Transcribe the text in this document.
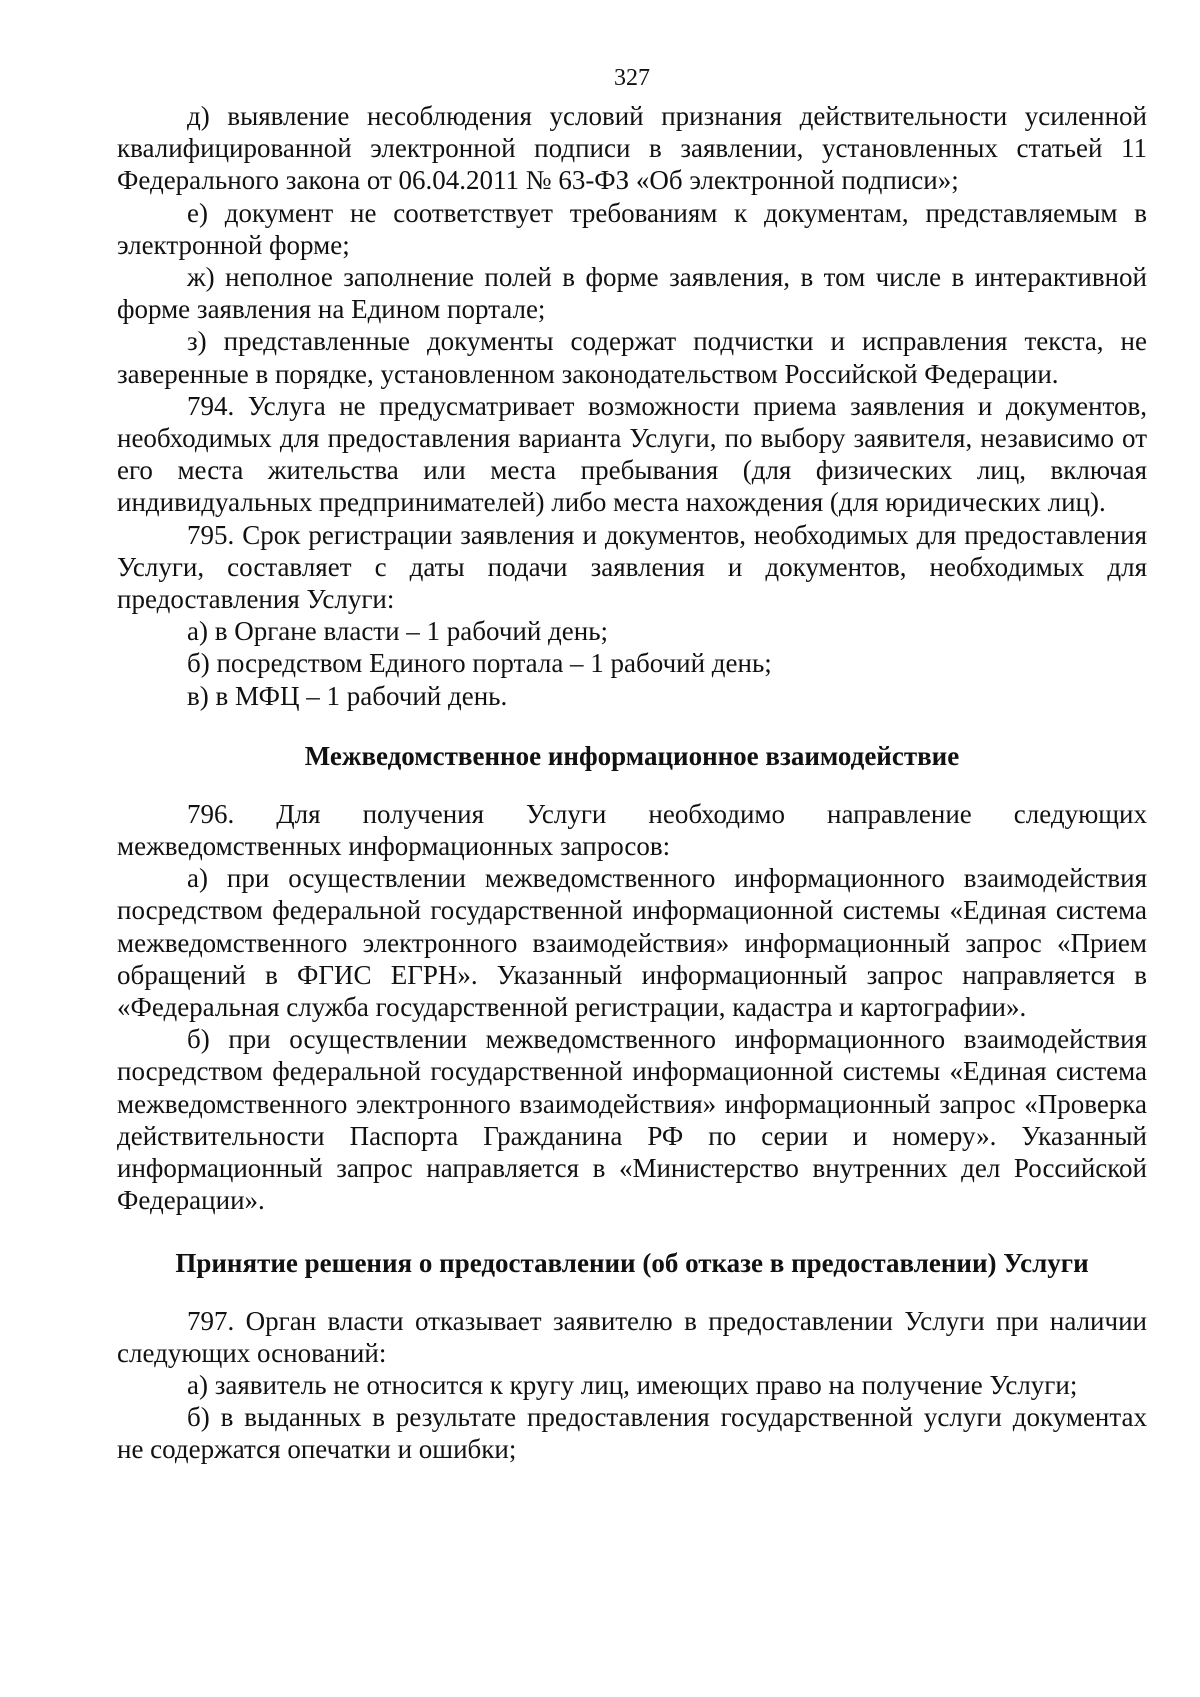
327

д) выявление несоблюдения условий признания действительности усиленной квалифицированной электронной подписи в заявлении, установленных статьей 11 Федерального закона от 06.04.2011 № 63-ФЗ «Об электронной подписи»;

е) документ не соответствует требованиям к документам, представляемым в электронной форме;

ж) неполное заполнение полей в форме заявления, в том числе в интерактивной форме заявления на Едином портале;

з) представленные документы содержат подчистки и исправления текста, не заверенные в порядке, установленном законодательством Российской Федерации.

794. Услуга не предусматривает возможности приема заявления и документов, необходимых для предоставления варианта Услуги, по выбору заявителя, независимо от его места жительства или места пребывания (для физических лиц, включая индивидуальных предпринимателей) либо места нахождения (для юридических лиц).

795. Срок регистрации заявления и документов, необходимых для предоставления Услуги, составляет с даты подачи заявления и документов, необходимых для предоставления Услуги:

а) в Органе власти – 1 рабочий день;

б) посредством Единого портала – 1 рабочий день;

в) в МФЦ – 1 рабочий день.

Межведомственное информационное взаимодействие

796. Для получения Услуги необходимо направление следующих межведомственных информационных запросов:

а) при осуществлении межведомственного информационного взаимодействия посредством федеральной государственной информационной системы «Единая система межведомственного электронного взаимодействия» информационный запрос «Прием обращений в ФГИС ЕГРН». Указанный информационный запрос направляется в «Федеральная служба государственной регистрации, кадастра и картографии».

б) при осуществлении межведомственного информационного взаимодействия посредством федеральной государственной информационной системы «Единая система межведомственного электронного взаимодействия» информационный запрос «Проверка действительности Паспорта Гражданина РФ по серии и номеру». Указанный информационный запрос направляется в «Министерство внутренних дел Российской Федерации».

Принятие решения о предоставлении (об отказе в предоставлении) Услуги

797. Орган власти отказывает заявителю в предоставлении Услуги при наличии следующих оснований:

а) заявитель не относится к кругу лиц, имеющих право на получение Услуги;

б) в выданных в результате предоставления государственной услуги документах не содержатся опечатки и ошибки;
